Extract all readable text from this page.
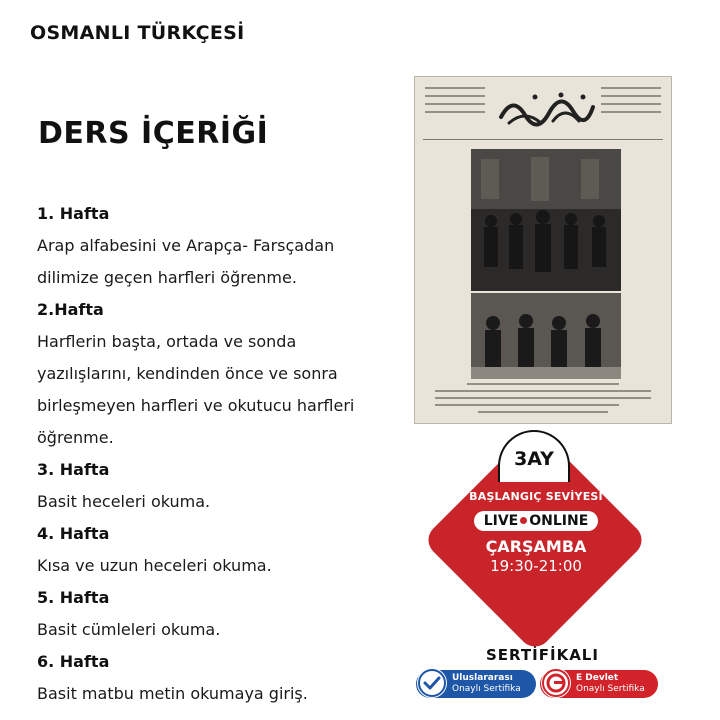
OSMANLI TÜRKÇESİ
DERS İÇERİĞİ
1. Hafta
Arap alfabesini ve Arapça- Farsçadan
dilimize geçen harfleri öğrenme.
2.Hafta
Harflerin başta, ortada ve sonda
yazılışlarını, kendinden önce ve sonra
birleşmeyen harfleri ve okutucu harfleri
öğrenme.
3. Hafta
Basit heceleri okuma.
4. Hafta
Kısa ve uzun heceleri okuma.
5. Hafta
Basit cümleleri okuma.
6. Hafta
Basit matbu metin okumaya giriş.
3AY
BAŞLANGIÇ SEVİYESİ
LIVE ONLINE
ÇARŞAMBA
19:30-21:00
SERTİFİKALI
Uluslararası
Onaylı Sertifika
E Devlet
Onaylı Sertifika
